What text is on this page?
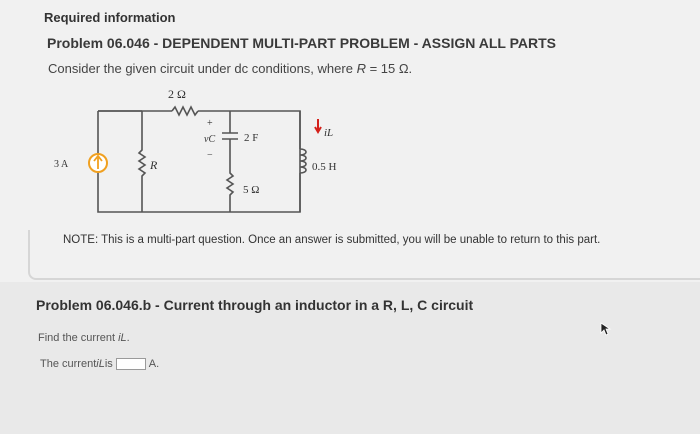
Required information
Problem 06.046 - DEPENDENT MULTI-PART PROBLEM - ASSIGN ALL PARTS
Consider the given circuit under dc conditions, where R = 15 Ω.
2 Ω
3 A	R
+
vC
−
2 F
5 Ω
iL
0.5 H
NOTE: This is a multi-part question. Once an answer is submitted, you will be unable to return to this part.
Problem 06.046.b - Current through an inductor in a R, L, C circuit
Find the current iL.
The current iL is	A.
